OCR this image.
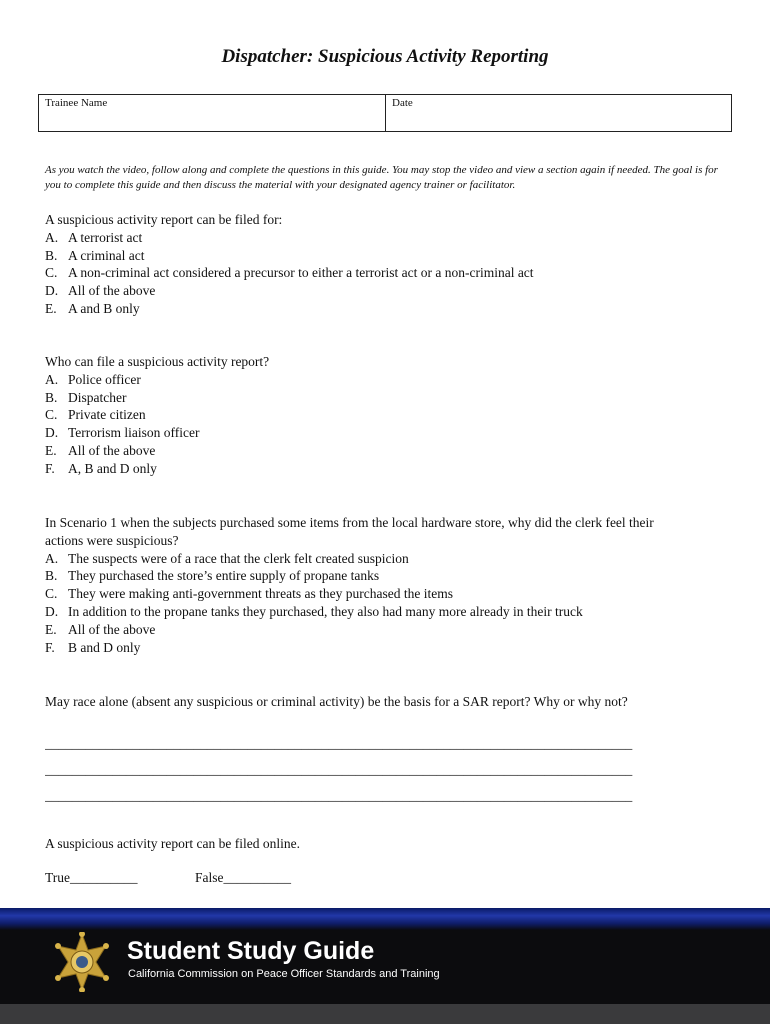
Dispatcher: Suspicious Activity Reporting
Trainee Name	Date

As you watch the video, follow along and complete the questions in this guide. You may stop the video and view a section again if needed. The goal is for you to complete this guide and then discuss the material with your designated agency trainer or facilitator.

A suspicious activity report can be filed for:

A. A terrorist act
B. A criminal act
C. A non-criminal act considered a precursor to either a terrorist act or a non-criminal act
D. All of the above
E. A and B only

Who can file a suspicious activity report?

A. Police officer
B. Dispatcher
C. Private citizen
D. Terrorism liaison officer
E. All of the above
F. A, B and D only

In Scenario 1 when the subjects purchased some items from the local hardware store, why did the clerk feel their actions were suspicious?

A. The suspects were of a race that the clerk felt created suspicion
B. They purchased the store’s entire supply of propane tanks
C. They were making anti-government threats as they purchased the items
D. In addition to the propane tanks they purchased, they also had many more already in their truck
E. All of the above
F. B and D only

May race alone (absent any suspicious or criminal activity) be the basis for a SAR report? Why or why not?

_______________________________________________________________________________________
_______________________________________________________________________________________
_______________________________________________________________________________________

A suspicious activity report can be filed online.

True__________	False__________
Student Study Guide

California Commission on Peace Officer Standards and Training
